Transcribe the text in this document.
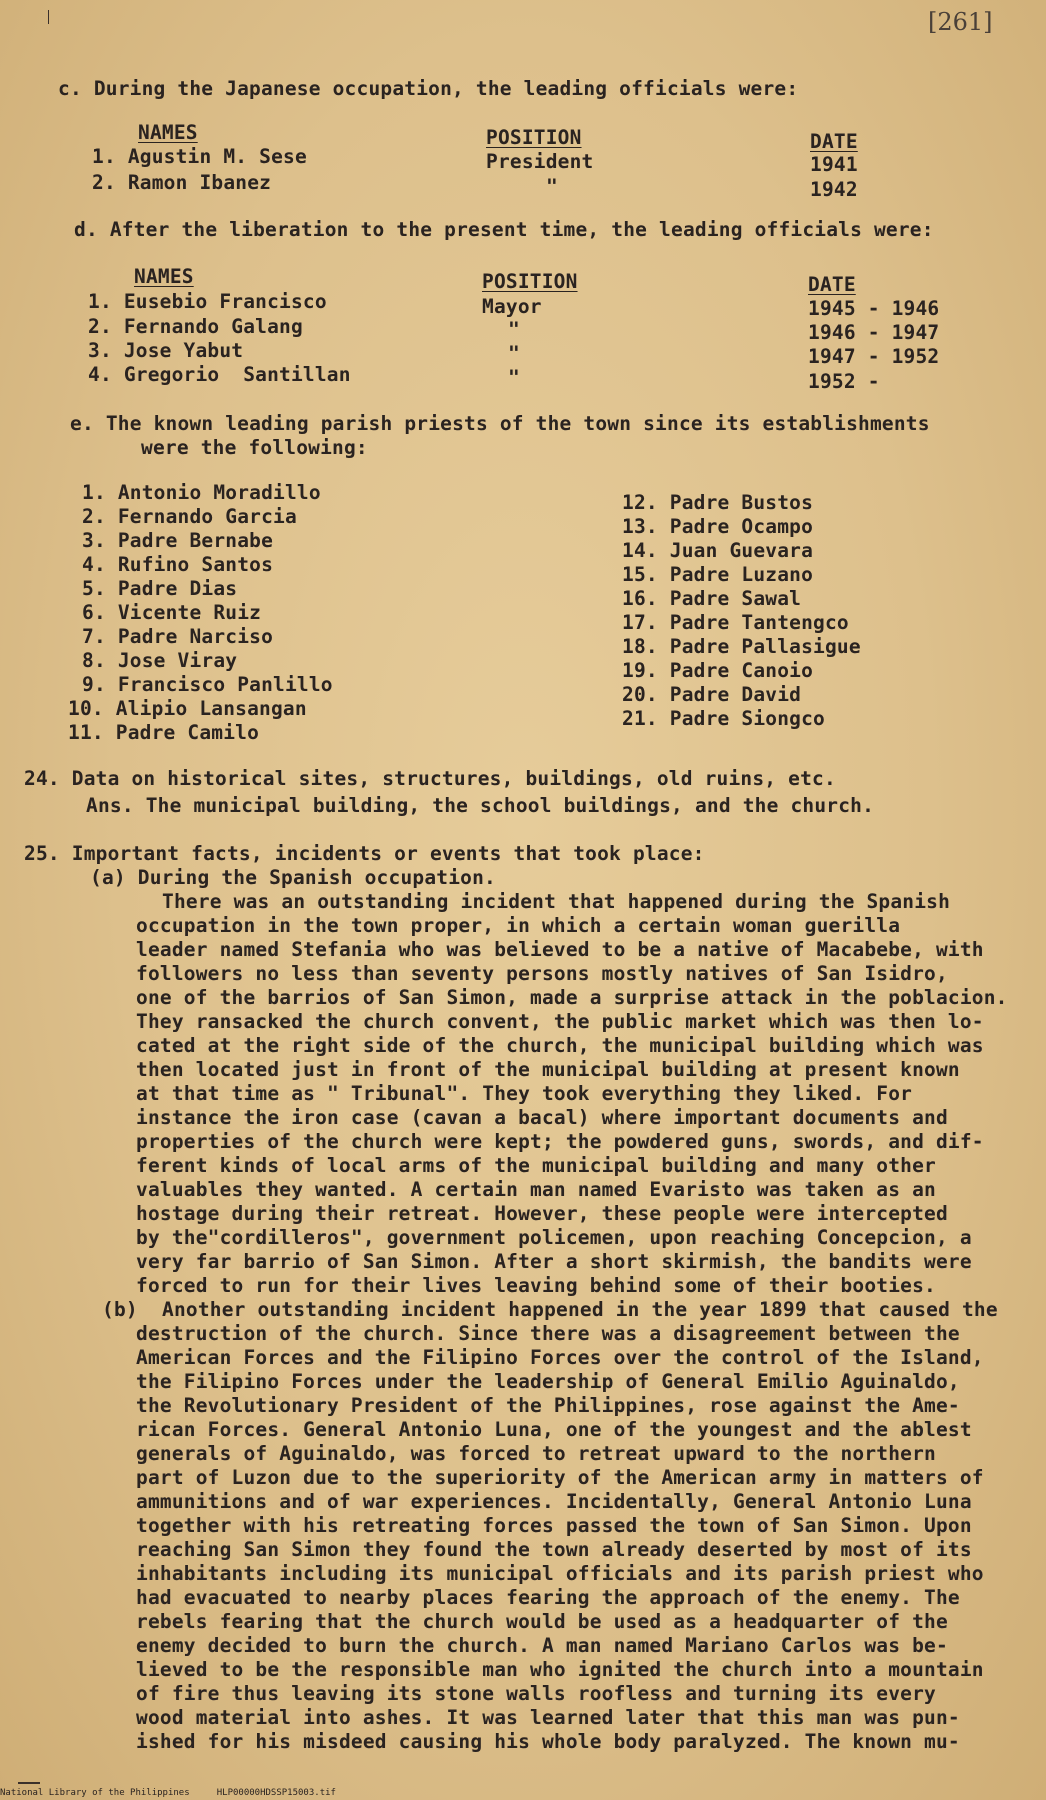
[261]
c. During the Japanese occupation, the leading officials were:
NAMES	POSITION	DATE
1. Agustin M. Sese	President	1941
2. Ramon Ibanez	"	1942
d. After the liberation to the present time, the leading officials were:
NAMES	POSITION	DATE
1. Eusebio Francisco	Mayor	1945 - 1946
2. Fernando Galang	"	1946 - 1947
3. Jose Yabut	"	1947 - 1952
4. Gregorio  Santillan	"	1952 -
e. The known leading parish priests of the town since its establishments
were the following:
1. Antonio Moradillo
2. Fernando Garcia
3. Padre Bernabe
4. Rufino Santos
5. Padre Dias
6. Vicente Ruiz
7. Padre Narciso
8. Jose Viray
9. Francisco Panlillo
10. Alipio Lansangan
11. Padre Camilo
12. Padre Bustos
13. Padre Ocampo
14. Juan Guevara
15. Padre Luzano
16. Padre Sawal
17. Padre Tantengco
18. Padre Pallasigue
19. Padre Canoio
20. Padre David
21. Padre Siongco
24. Data on historical sites, structures, buildings, old ruins, etc.
Ans. The municipal building, the school buildings, and the church.
25. Important facts, incidents or events that took place:
(a) During the Spanish occupation.
There was an outstanding incident that happened during the Spanish
occupation in the town proper, in which a certain woman guerilla
leader named Stefania who was believed to be a native of Macabebe, with
followers no less than seventy persons mostly natives of San Isidro,
one of the barrios of San Simon, made a surprise attack in the poblacion.
They ransacked the church convent, the public market which was then lo-
cated at the right side of the church, the municipal building which was
then located just in front of the municipal building at present known
at that time as " Tribunal". They took everything they liked. For
instance the iron case (cavan a bacal) where important documents and
properties of the church were kept; the powdered guns, swords, and dif-
ferent kinds of local arms of the municipal building and many other
valuables they wanted. A certain man named Evaristo was taken as an
hostage during their retreat. However, these people were intercepted
by the"cordilleros", government policemen, upon reaching Concepcion, a
very far barrio of San Simon. After a short skirmish, the bandits were
forced to run for their lives leaving behind some of their booties.
(b) Another outstanding incident happened in the year 1899 that caused the
destruction of the church. Since there was a disagreement between the
American Forces and the Filipino Forces over the control of the Island,
the Filipino Forces under the leadership of General Emilio Aguinaldo,
the Revolutionary President of the Philippines, rose against the Ame-
rican Forces. General Antonio Luna, one of the youngest and the ablest
generals of Aguinaldo, was forced to retreat upward to the northern
part of Luzon due to the superiority of the American army in matters of
ammunitions and of war experiences. Incidentally, General Antonio Luna
together with his retreating forces passed the town of San Simon. Upon
reaching San Simon they found the town already deserted by most of its
inhabitants including its municipal officials and its parish priest who
had evacuated to nearby places fearing the approach of the enemy. The
rebels fearing that the church would be used as a headquarter of the
enemy decided to burn the church. A man named Mariano Carlos was be-
lieved to be the responsible man who ignited the church into a mountain
of fire thus leaving its stone walls roofless and turning its every
wood material into ashes. It was learned later that this man was pun-
ished for his misdeed causing his whole body paralyzed. The known mu-
National Library of the Philippines     HLP00000HDSSP15003.tif
